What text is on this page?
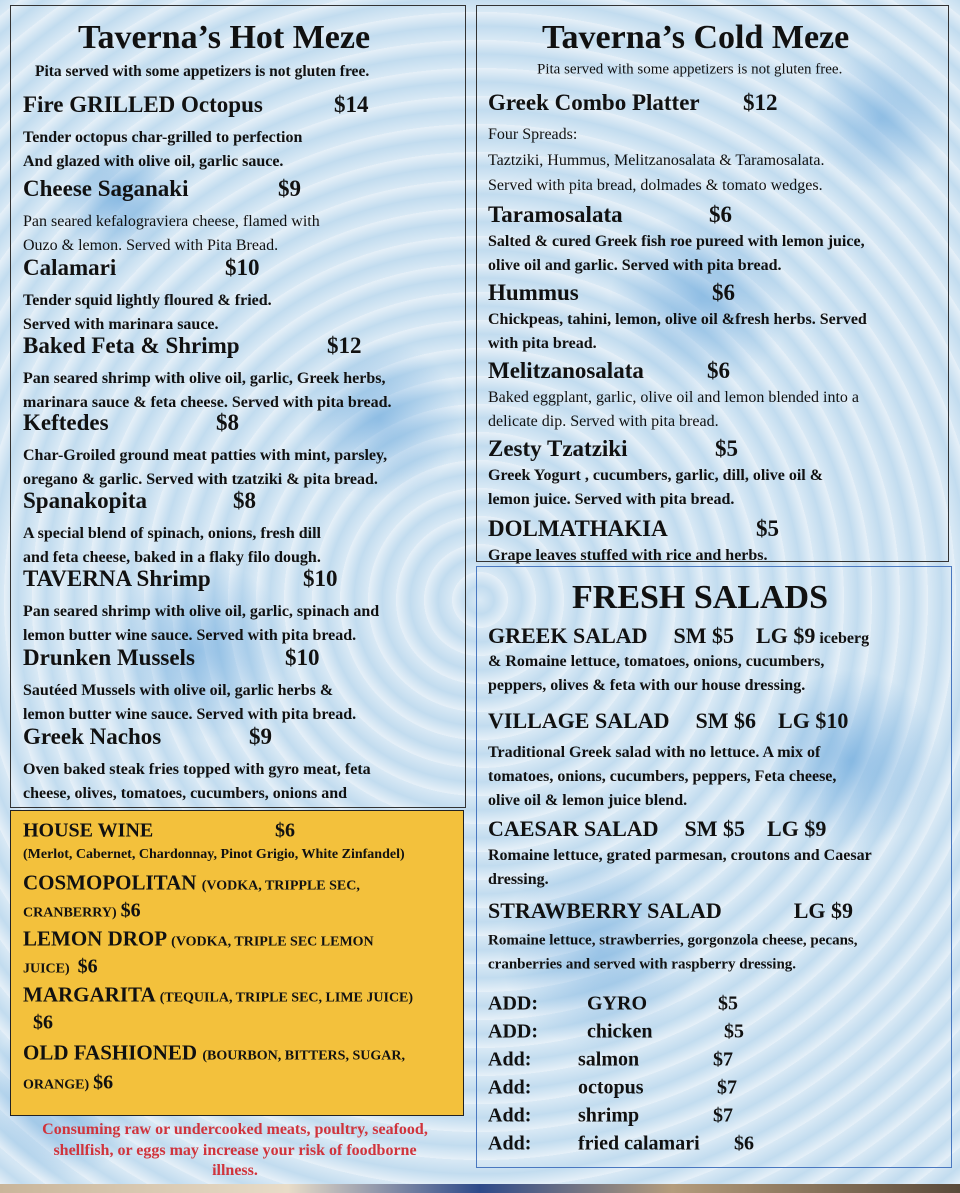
Taverna’s Hot Meze
Pita served with some appetizers is not gluten free.
Fire GRILLED Octopus	$14
Tender octopus char-grilled to perfection
And glazed with olive oil, garlic sauce.
Cheese Saganaki	$9
Pan seared kefalograviera cheese, flamed with
Ouzo & lemon. Served with Pita Bread.
Calamari	$10
Tender squid lightly floured & fried.
Served with marinara sauce.
Baked Feta & Shrimp	$12
Pan seared shrimp with olive oil, garlic, Greek herbs,
marinara sauce & feta cheese. Served with pita bread.
Keftedes	$8
Char-Groiled ground meat patties with mint, parsley,
oregano & garlic. Served with tzatziki & pita bread.
Spanakopita	$8
A special blend of spinach, onions, fresh dill
and feta cheese, baked in a flaky filo dough.
TAVERNA Shrimp	$10
Pan seared shrimp with olive oil, garlic, spinach and
lemon butter wine sauce. Served with pita bread.
Drunken Mussels	$10
Sautéed Mussels with olive oil, garlic herbs &
lemon butter wine sauce. Served with pita bread.
Greek Nachos	$9
Oven baked steak fries topped with gyro meat, feta
cheese, olives, tomatoes, cucumbers, onions and
Taverna’s Cold Meze
Pita served with some appetizers is not gluten free.
Greek Combo Platter $12
Four Spreads:
Taztziki, Hummus, Melitzanosalata & Taramosalata.
Served with pita bread, dolmades & tomato wedges.
Taramosalata	$6
Salted & cured Greek fish roe pureed with lemon juice,
olive oil and garlic. Served with pita bread.
Hummus	$6
Chickpeas, tahini, lemon, olive oil &fresh herbs. Served
with pita bread.
Melitzanosalata	$6
Baked eggplant, garlic, olive oil and lemon blended into a
delicate dip. Served with pita bread.
Zesty Tzatziki	$5
Greek Yogurt , cucumbers, garlic, dill, olive oil &
lemon juice. Served with pita bread.
DOLMATHAKIA	$5
Grape leaves stuffed with rice and herbs.
FRESH SALADS
GREEK SALAD SM $5 LG $9 iceberg
& Romaine lettuce, tomatoes, onions, cucumbers,
peppers, olives & feta with our house dressing.
VILLAGE SALAD SM $6 LG $10
Traditional Greek salad with no lettuce. A mix of
tomatoes, onions, cucumbers, peppers, Feta cheese,
olive oil & lemon juice blend.
CAESAR SALAD SM $5 LG $9
Romaine lettuce, grated parmesan, croutons and Caesar
dressing.
STRAWBERRY SALAD	LG $9
Romaine lettuce, strawberries, gorgonzola cheese, pecans,
cranberries and served with raspberry dressing.
ADD: GYRO	$5
ADD: chicken	$5
Add: salmon	$7
Add: octopus	$7
Add: shrimp	$7
Add: fried calamari $6
HOUSE WINE	$6
(Merlot, Cabernet, Chardonnay, Pinot Grigio, White Zinfandel)
COSMOPOLITAN (VODKA, TRIPPLE SEC,
CRANBERRY) $6
LEMON DROP (VODKA, TRIPLE SEC LEMON
JUICE) $6
MARGARITA (TEQUILA, TRIPLE SEC, LIME JUICE)
$6
OLD FASHIONED (BOURBON, BITTERS, SUGAR,
ORANGE) $6
Consuming raw or undercooked meats, poultry, seafood,
shellfish, or eggs may increase your risk of foodborne
illness.
